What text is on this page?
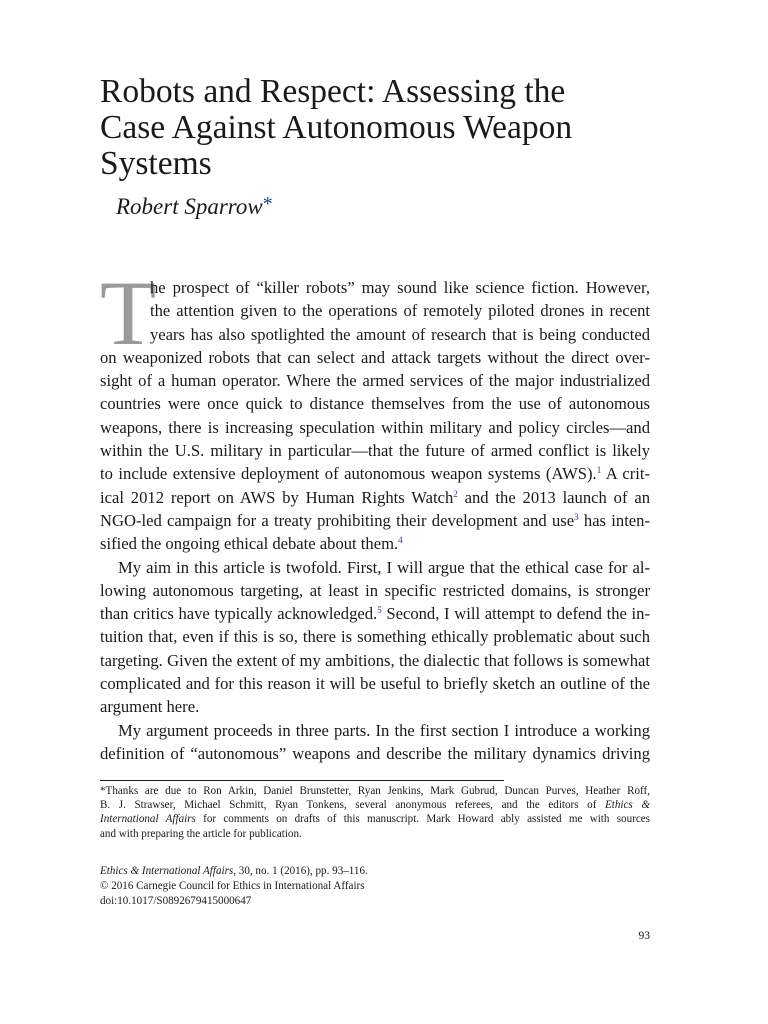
Robots and Respect: Assessing the
Case Against Autonomous Weapon
Systems
Robert Sparrow*
T
he prospect of “killer robots” may sound like science fiction. However,
the attention given to the operations of remotely piloted drones in recent
years has also spotlighted the amount of research that is being conducted
on weaponized robots that can select and attack targets without the direct over-
sight of a human operator. Where the armed services of the major industrialized
countries were once quick to distance themselves from the use of autonomous
weapons, there is increasing speculation within military and policy circles—and
within the U.S. military in particular—that the future of armed conflict is likely
to include extensive deployment of autonomous weapon systems (AWS).$^1$ A crit-
ical 2012 report on AWS by Human Rights Watch$^2$ and the 2013 launch of an
NGO-led campaign for a treaty prohibiting their development and use$^3$ has inten-
sified the ongoing ethical debate about them.$^4$
My aim in this article is twofold. First, I will argue that the ethical case for al-
lowing autonomous targeting, at least in specific restricted domains, is stronger
than critics have typically acknowledged.$^5$ Second, I will attempt to defend the in-
tuition that, even if this is so, there is something ethically problematic about such
targeting. Given the extent of my ambitions, the dialectic that follows is somewhat
complicated and for this reason it will be useful to briefly sketch an outline of the
argument here.
My argument proceeds in three parts. In the first section I introduce a working
definition of “autonomous” weapons and describe the military dynamics driving
*Thanks are due to Ron Arkin, Daniel Brunstetter, Ryan Jenkins, Mark Gubrud, Duncan Purves, Heather Roff,
B. J. Strawser, Michael Schmitt, Ryan Tonkens, several anonymous referees, and the editors of Ethics &
International Affairs for comments on drafts of this manuscript. Mark Howard ably assisted me with sources
and with preparing the article for publication.
Ethics & International Affairs, 30, no. 1 (2016), pp. 93–116.
© 2016 Carnegie Council for Ethics in International Affairs
doi:10.1017/S0892679415000647
93
